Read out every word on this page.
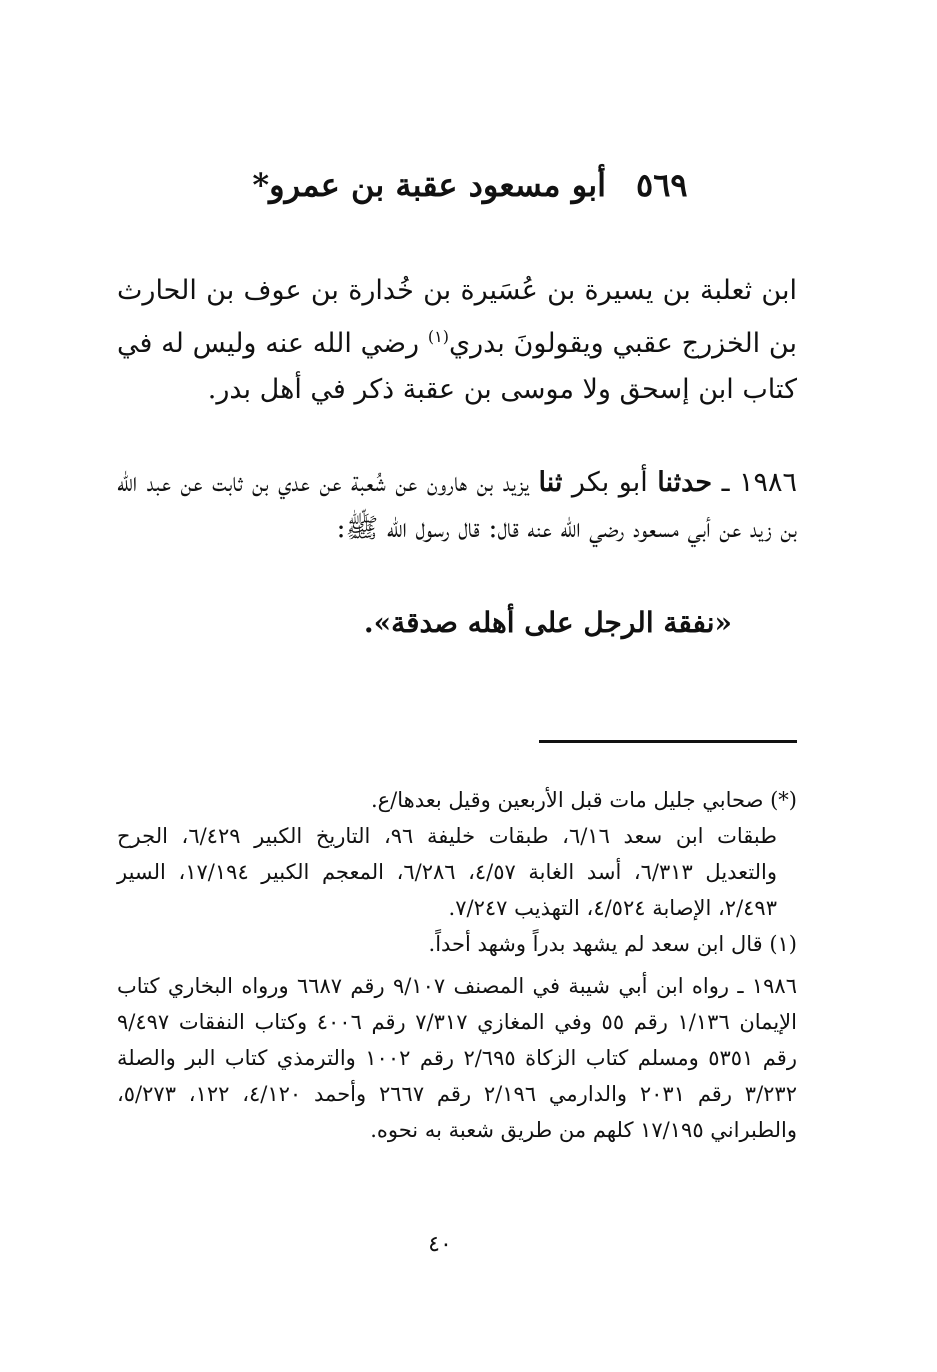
٥٦٩أبو مسعود عقبة بن عمرو*
ابن ثعلبة بن يسيرة بن عُسَيرة بن خُدارة بن عوف بن الحارث بن الخزرج عقبي ويقولونَ بدري$^{(١)}$ رضي الله عنه وليس له في كتاب ابن إسحق ولا موسى بن عقبة ذكر في أهل بدر.
١٩٨٦ ـ حدثنا أبو بكر ثنا يزيد بن هارون عن شُعبة عن عدي بن ثابت عن عبد الله بن زيد عن أبي مسعود رضي الله عنه قال: قال رسول الله ﷺ:
«نفقة الرجل على أهله صدقة».

(*) صحابي جليل مات قبل الأربعين وقيل بعدها/ع.

طبقات ابن سعد ٦/١٦، طبقات خليفة ٩٦، التاريخ الكبير ٦/٤٢٩، الجرح والتعديل ٦/٣١٣، أسد الغابة ٤/٥٧، ٦/٢٨٦، المعجم الكبير ١٧/١٩٤، السير ٢/٤٩٣، الإصابة ٤/٥٢٤، التهذيب ٧/٢٤٧.

(١) قال ابن سعد لم يشهد بدراً وشهد أحداً.

١٩٨٦ ـ رواه ابن أبي شيبة في المصنف ٩/١٠٧ رقم ٦٦٨٧ ورواه البخاري كتاب الإيمان ١/١٣٦ رقم ٥٥ وفي المغازي ٧/٣١٧ رقم ٤٠٠٦ وكتاب النفقات ٩/٤٩٧ رقم ٥٣٥١ ومسلم كتاب الزكاة ٢/٦٩٥ رقم ١٠٠٢ والترمذي كتاب البر والصلة ٣/٢٣٢ رقم ٢٠٣١ والدارمي ٢/١٩٦ رقم ٢٦٦٧ وأحمد ٤/١٢٠، ١٢٢، ٥/٢٧٣، والطبراني ١٧/١٩٥ كلهم من طريق شعبة به نحوه.

٤٠
